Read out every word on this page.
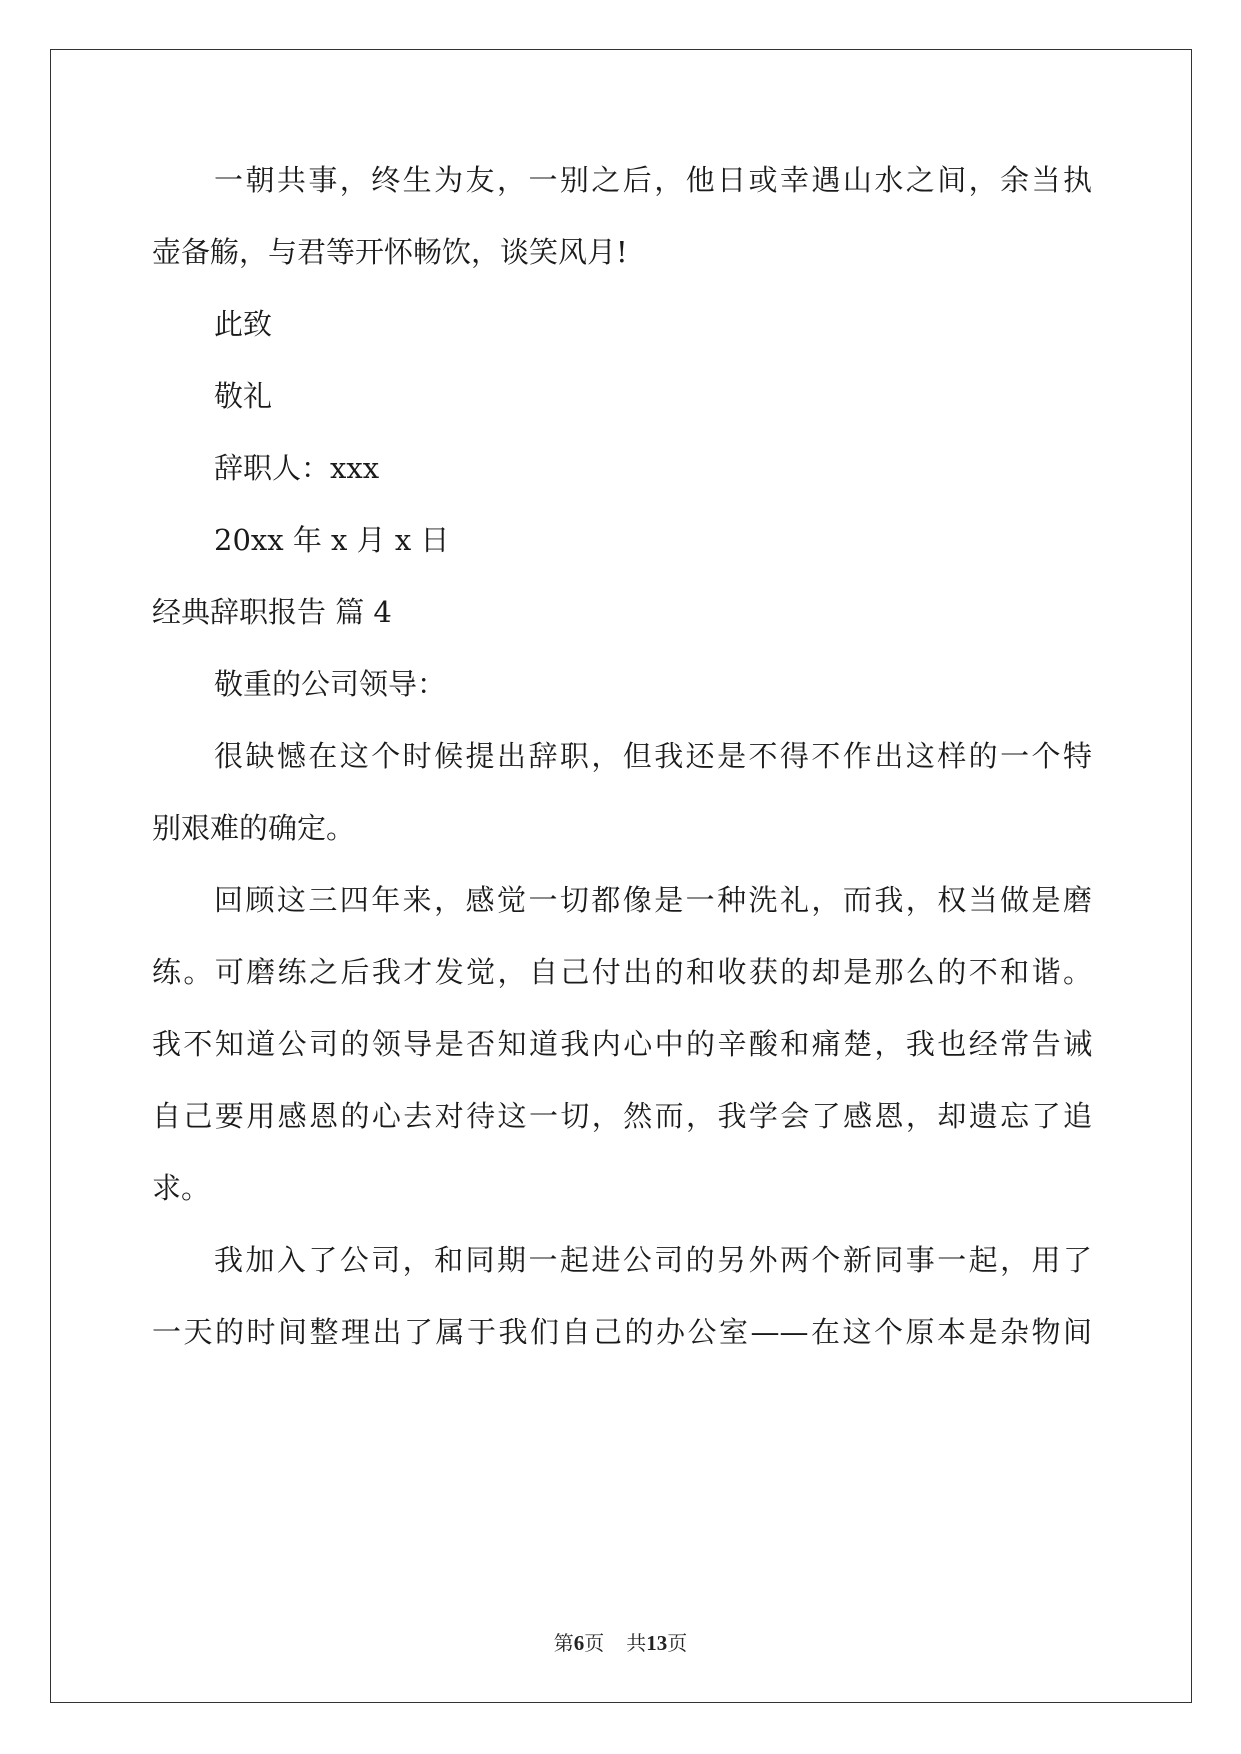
一朝共事，终生为友，一别之后，他日或幸遇山水之间，余当执
壶备觞，与君等开怀畅饮，谈笑风月!
此致
敬礼
辞职人：xxx
20xx 年 x 月 x 日
经典辞职报告 篇 4
敬重的公司领导：
很缺憾在这个时候提出辞职，但我还是不得不作出这样的一个特
别艰难的确定。
回顾这三四年来，感觉一切都像是一种洗礼，而我，权当做是磨
练。可磨练之后我才发觉，自己付出的和收获的却是那么的不和谐。
我不知道公司的领导是否知道我内心中的辛酸和痛楚，我也经常告诫
自己要用感恩的心去对待这一切，然而，我学会了感恩，却遗忘了追
求。
我加入了公司，和同期一起进公司的另外两个新同事一起，用了
一天的时间整理出了属于我们自己的办公室——在这个原本是杂物间
第6页 共13页
